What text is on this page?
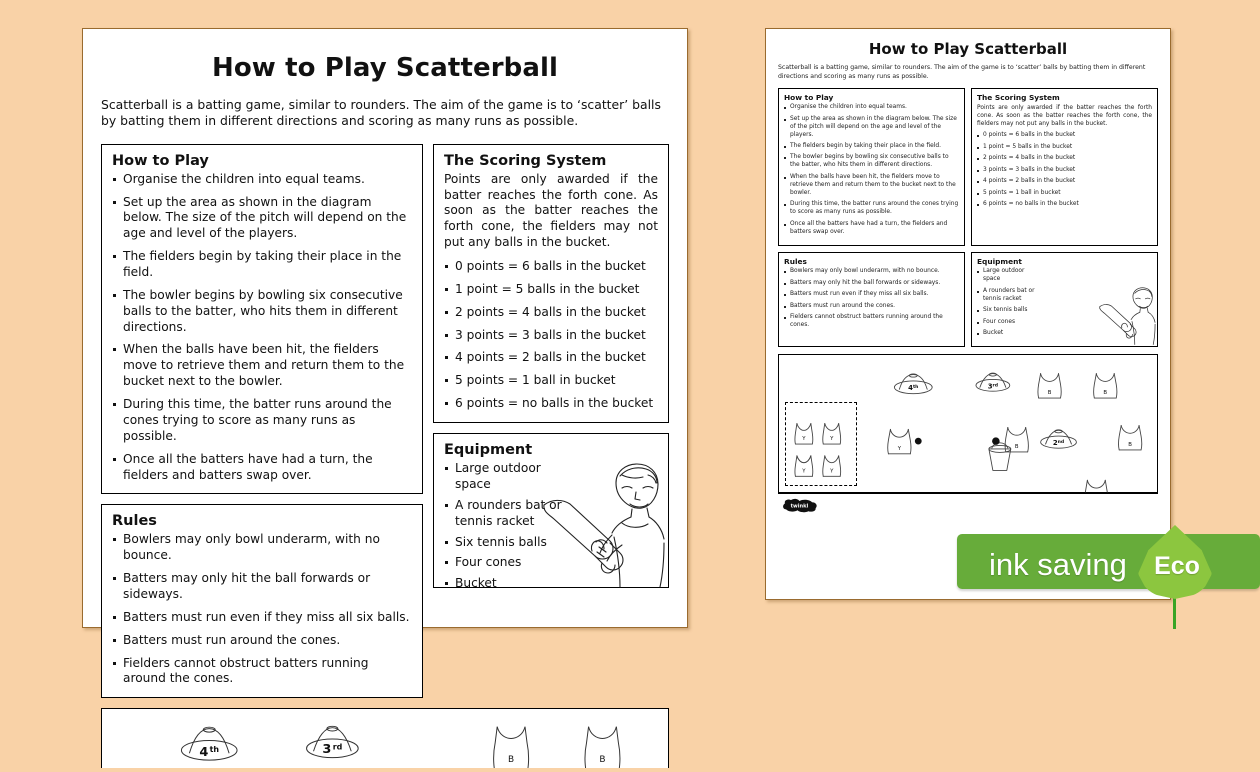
How to Play Scatterball
Scatterball is a batting game, similar to rounders. The aim of the game is to ‘scatter’ balls by batting them in different directions and scoring as many runs as possible.
How to Play
Organise the children into equal teams.
Set up the area as shown in the diagram below. The size of the pitch will depend on the age and level of the players.
The fielders begin by taking their place in the field.
The bowler begins by bowling six consecutive balls to the batter, who hits them in different directions.
When the balls have been hit, the fielders move to retrieve them and return them to the bucket next to the bowler.
During this time, the batter runs around the cones trying to score as many runs as possible.
Once all the batters have had a turn, the fielders and batters swap over.
Rules
Bowlers may only bowl underarm, with no bounce.
Batters may only hit the ball forwards or sideways.
Batters must run even if they miss all six balls.
Batters must run around the cones.
Fielders cannot obstruct batters running around the cones.
The Scoring System
Points are only awarded if the batter reaches the forth cone. As soon as the batter reaches the forth cone, the fielders may not put any balls in the bucket.
0 points = 6 balls in the bucket
1 point = 5 balls in the bucket
2 points = 4 balls in the bucket
3 points = 3 balls in the bucket
4 points = 2 balls in the bucket
5 points = 1 ball in bucket
6 points = no balls in the bucket
Equipment
Large outdoor space
A rounders bat or tennis racket
Six tennis balls
Four cones
Bucket
4 $^{th}$	3 $^{rd}$
B	B
How to Play Scatterball
Scatterball is a batting game, similar to rounders. The aim of the game is to ‘scatter’ balls by batting them in different directions and scoring as many runs as possible.
How to Play
Organise the children into equal teams.
Set up the area as shown in the diagram below. The size of the pitch will depend on the age and level of the players.
The fielders begin by taking their place in the field.
The bowler begins by bowling six consecutive balls to the batter, who hits them in different directions.
When the balls have been hit, the fielders move to retrieve them and return them to the bucket next to the bowler.
During this time, the batter runs around the cones trying to score as many runs as possible.
Once all the batters have had a turn, the fielders and batters swap over.
The Scoring System
Points are only awarded if the batter reaches the forth cone. As soon as the batter reaches the forth cone, the fielders may not put any balls in the bucket.
0 points = 6 balls in the bucket
1 point = 5 balls in the bucket
2 points = 4 balls in the bucket
3 points = 3 balls in the bucket
4 points = 2 balls in the bucket
5 points = 1 ball in bucket
6 points = no balls in the bucket
Rules
Bowlers may only bowl underarm, with no bounce.
Batters may only hit the ball forwards or sideways.
Batters must run even if they miss all six balls.
Batters must run around the cones.
Fielders cannot obstruct batters running around the cones.
Equipment
Large outdoor space
A rounders bat or tennis racket
Six tennis balls
Four cones
Bucket
4th	3rd
2nd
B	B
B
B
Y
Y	Y
Y	Y
twinkl
ink saving Eco
